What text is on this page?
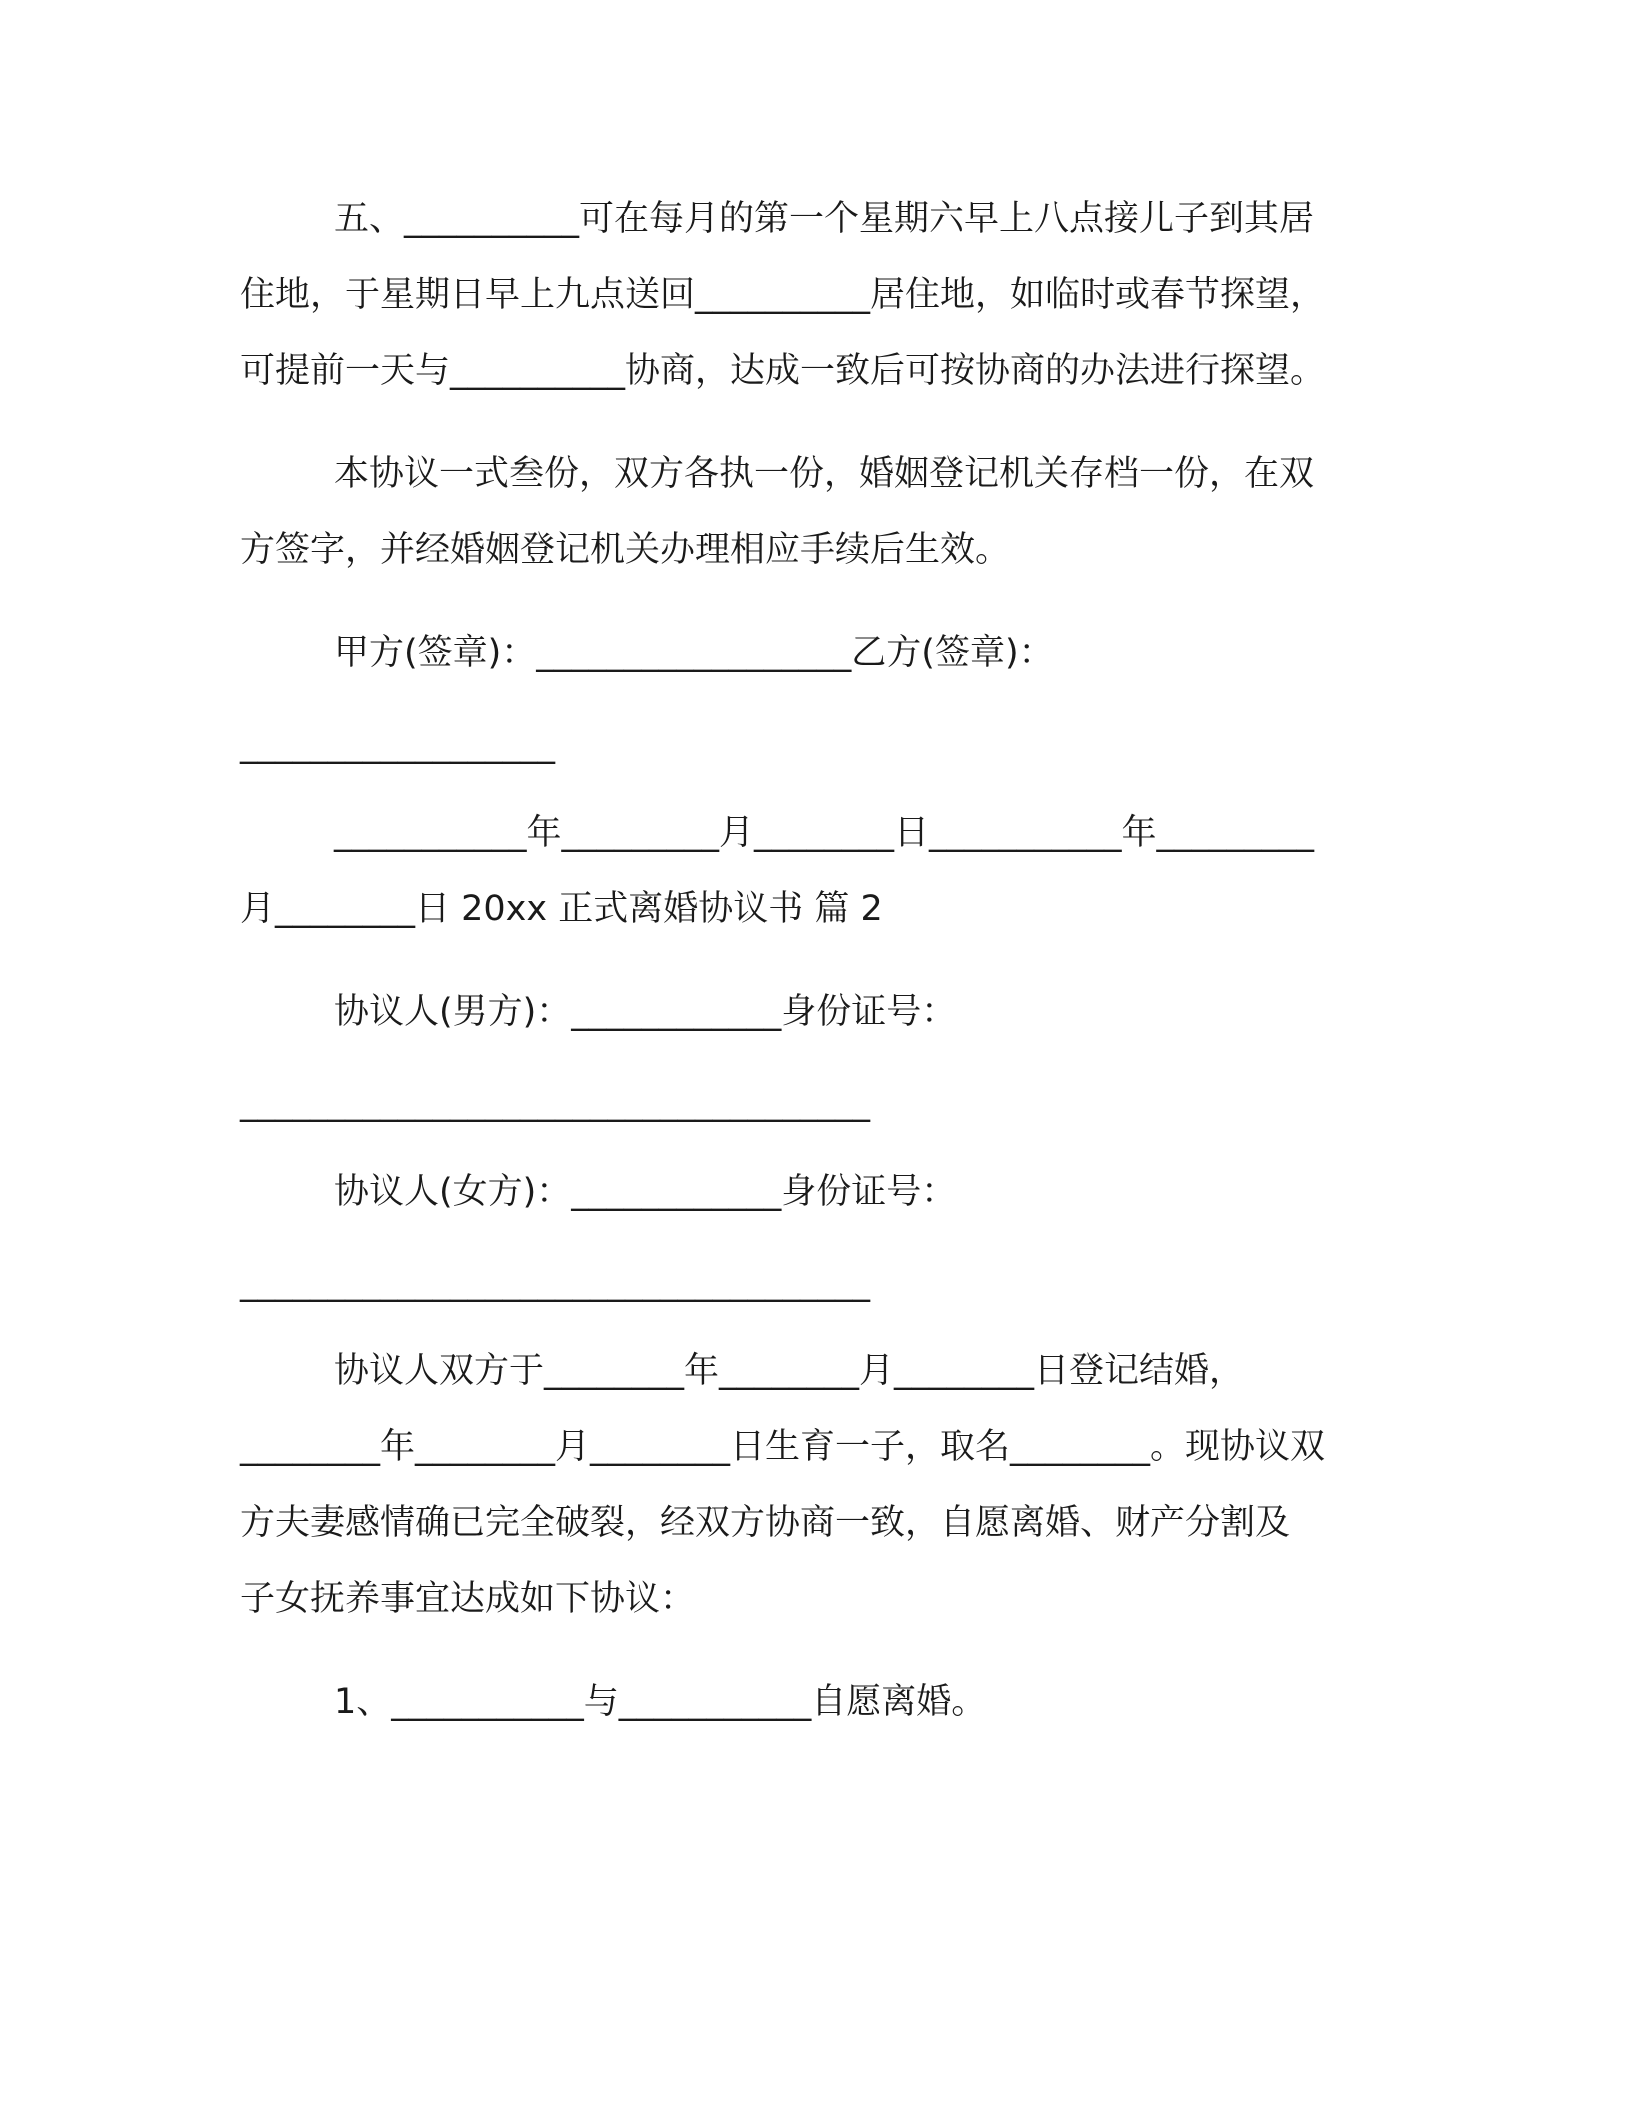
五、__________可在每月的第一个星期六早上八点接儿子到其居
住地，于星期日早上九点送回__________居住地，如临时或春节探望，
可提前一天与__________协商，达成一致后可按协商的办法进行探望。
本协议一式叁份，双方各执一份，婚姻登记机关存档一份，在双
方签字，并经婚姻登记机关办理相应手续后生效。
甲方(签章)：__________________乙方(签章)：
__________________
___________年_________月________日___________年_________
月________日 20xx 正式离婚协议书 篇 2
协议人(男方)：____________身份证号：
____________________________________
协议人(女方)：____________身份证号：
____________________________________
协议人双方于________年________月________日登记结婚，
________年________月________日生育一子，取名________。现协议双
方夫妻感情确已完全破裂，经双方协商一致，自愿离婚、财产分割及
子女抚养事宜达成如下协议：
1、___________与___________自愿离婚。
